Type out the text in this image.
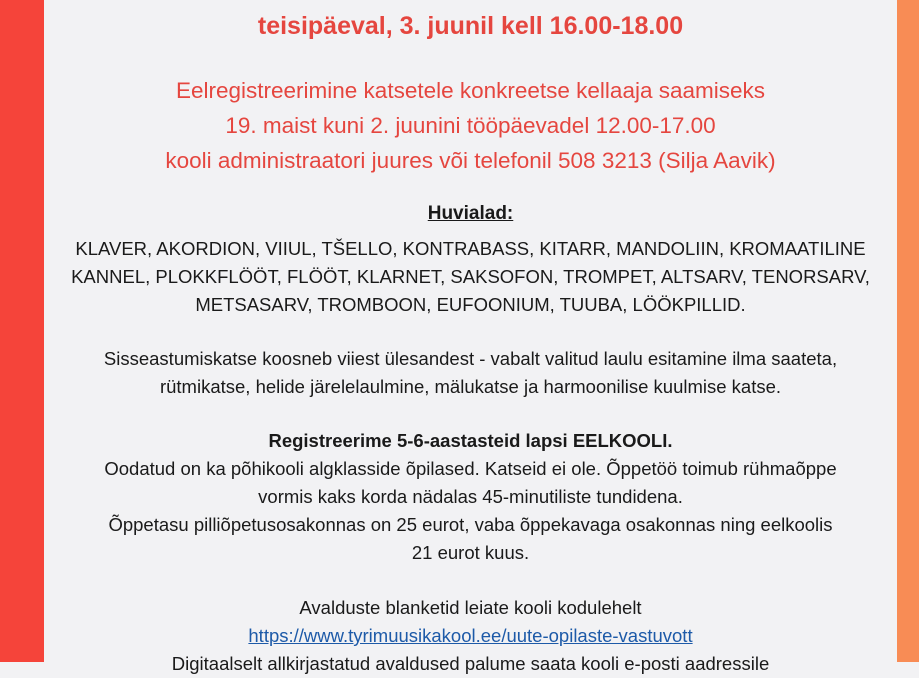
teisipäeval, 3. juunil kell 16.00-18.00
Eelregistreerimine katsetele konkreetse kellaaja saamiseks
19. maist kuni 2. juunini tööpäevadel 12.00-17.00
kooli administraatori juures või telefonil 508 3213 (Silja Aavik)
Huvialad:
KLAVER, AKORDION, VIIUL, TŠELLO, KONTRABASS, KITARR, MANDOLIIN, KROMAATILINE
KANNEL, PLOKKFLÖÖT, FLÖÖT, KLARNET, SAKSOFON, TROMPET, ALTSARV, TENORSARV,
METSASARV, TROMBOON, EUFOONIUM, TUUBA, LÖÖKPILLID.
Sisseastumiskatse koosneb viiest ülesandest - vabalt valitud laulu esitamine ilma saateta,
rütmikatse, helide järelelaulmine, mälukatse ja harmoonilise kuulmise katse.
Registreerime 5-6-aastasteid lapsi EELKOOLI.
Oodatud on ka põhikooli algklasside õpilased. Katseid ei ole. Õppetöö toimub rühmaõppe
vormis kaks korda nädalas 45-minutiliste tundidena.
Õppetasu pilliõpetusosakonnas on 25 eurot, vaba õppekavaga osakonnas ning eelkoolis
21 eurot kuus.
Avalduste blanketid leiate kooli kodulehelt
https://www.tyrimuusikakool.ee/uute-opilaste-vastuvott
Digitaalselt allkirjastatud avaldused palume saata kooli e-posti aadressile
